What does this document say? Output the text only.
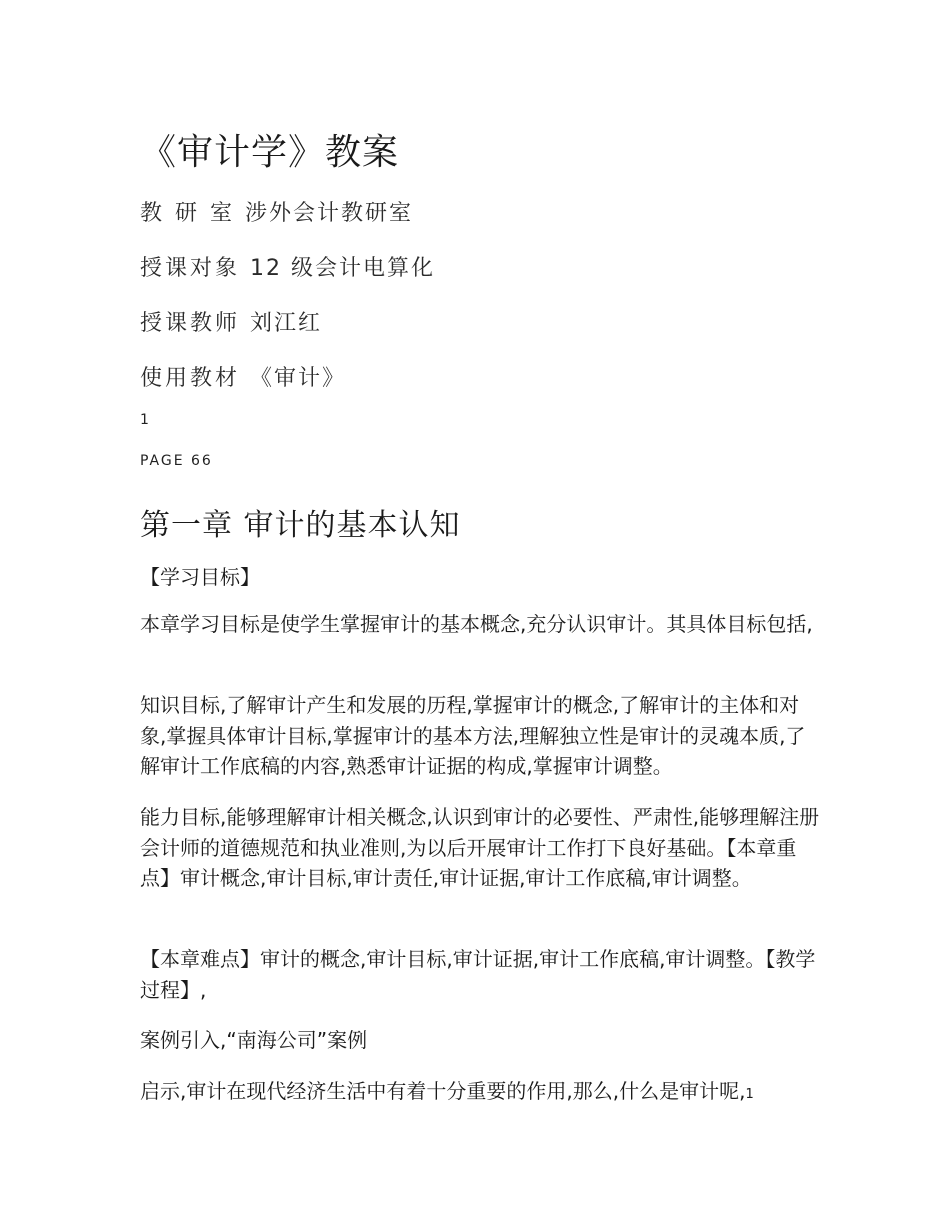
《审计学》教案
教 研 室 涉外会计教研室
授课对象 12 级会计电算化
授课教师 刘江红
使用教材 《审计》
1
PAGE 66
第一章 审计的基本认知

【学习目标】

本章学习目标是使学生掌握审计的基本概念,充分认识审计。其具体目标包括,

知识目标,了解审计产生和发展的历程,掌握审计的概念,了解审计的主体和对象,掌握具体审计目标,掌握审计的基本方法,理解独立性是审计的灵魂本质,了解审计工作底稿的内容,熟悉审计证据的构成,掌握审计调整。

能力目标,能够理解审计相关概念,认识到审计的必要性、严肃性,能够理解注册会计师的道德规范和执业准则,为以后开展审计工作打下良好基础。【本章重点】审计概念,审计目标,审计责任,审计证据,审计工作底稿,审计调整。

【本章难点】审计的概念,审计目标,审计证据,审计工作底稿,审计调整。【教学过程】,

案例引入,“南海公司”案例

启示,审计在现代经济生活中有着十分重要的作用,那么,什么是审计呢,1
